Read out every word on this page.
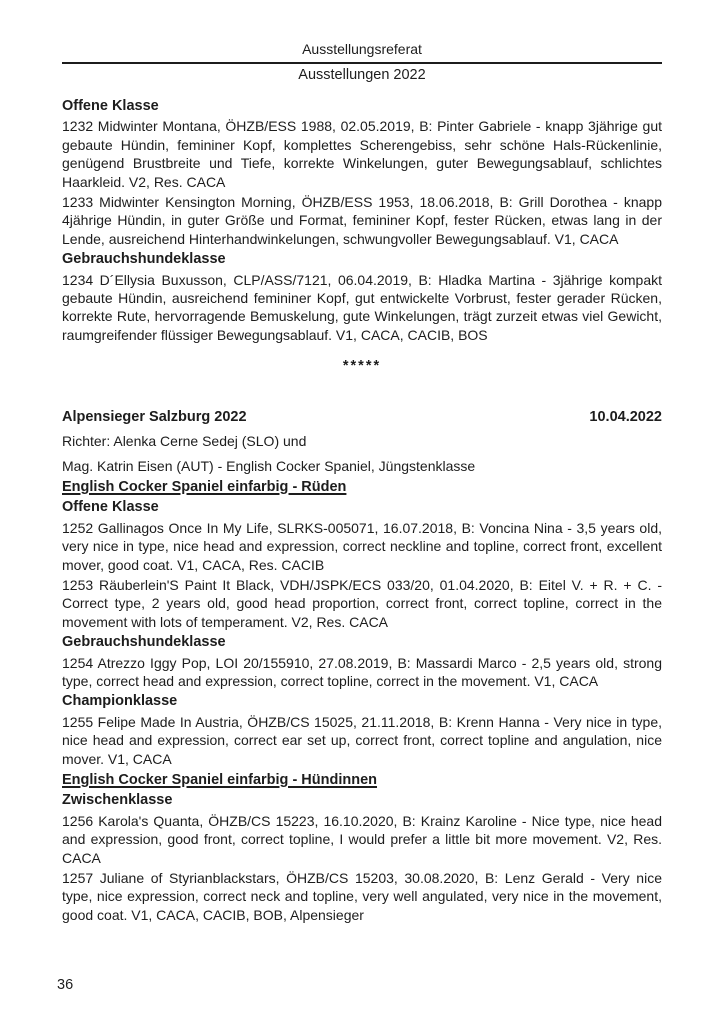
Ausstellungsreferat
Ausstellungen 2022
Offene Klasse
1232 Midwinter Montana, ÖHZB/ESS 1988, 02.05.2019, B: Pinter Gabriele - knapp 3jährige gut gebaute Hündin, femininer Kopf, komplettes Scherengebiss, sehr schöne Hals-Rückenlinie, genügend Brustbreite und Tiefe, korrekte Winkelungen, guter Bewegungsablauf, schlichtes Haarkleid. V2, Res. CACA
1233 Midwinter Kensington Morning, ÖHZB/ESS 1953, 18.06.2018, B: Grill Dorothea - knapp 4jährige Hündin, in guter Größe und Format, femininer Kopf, fester Rücken, etwas lang in der Lende, ausreichend Hinterhandwinkelungen, schwungvoller Bewegungsablauf. V1, CACA
Gebrauchshundeklasse
1234 D´Ellysia Buxusson, CLP/ASS/7121, 06.04.2019, B: Hladka Martina - 3jährige kompakt gebaute Hündin, ausreichend femininer Kopf, gut entwickelte Vorbrust, fester gerader Rücken, korrekte Rute, hervorragende Bemuskelung, gute Winkelungen, trägt zurzeit etwas viel Gewicht, raumgreifender flüssiger Bewegungsablauf. V1, CACA, CACIB, BOS
*****
Alpensieger Salzburg 2022	10.04.2022
Richter: Alenka Cerne Sedej (SLO) und
Mag. Katrin Eisen (AUT) - English Cocker Spaniel, Jüngstenklasse
English Cocker Spaniel einfarbig - Rüden
Offene Klasse
1252 Gallinagos Once In My Life, SLRKS-005071, 16.07.2018, B: Voncina Nina - 3,5 years old, very nice in type, nice head and expression, correct neckline and topline, correct front, excellent mover, good coat. V1, CACA, Res. CACIB
1253 Räuberlein'S Paint It Black, VDH/JSPK/ECS 033/20, 01.04.2020, B: Eitel V. + R. + C. - Correct type, 2 years old, good head proportion, correct front, correct topline, correct in the movement with lots of temperament. V2, Res. CACA
Gebrauchshundeklasse
1254 Atrezzo Iggy Pop, LOI 20/155910, 27.08.2019, B: Massardi Marco - 2,5 years old, strong type, correct head and expression, correct topline, correct in the movement. V1, CACA
Championklasse
1255 Felipe Made In Austria, ÖHZB/CS 15025, 21.11.2018, B: Krenn Hanna - Very nice in type, nice head and expression, correct ear set up, correct front, correct topline and angulation, nice mover. V1, CACA
English Cocker Spaniel einfarbig - Hündinnen
Zwischenklasse
1256 Karola's Quanta, ÖHZB/CS 15223, 16.10.2020, B: Krainz Karoline - Nice type, nice head and expression, good front, correct topline, I would prefer a little bit more movement. V2, Res. CACA
1257 Juliane of Styrianblackstars, ÖHZB/CS 15203, 30.08.2020, B: Lenz Gerald - Very nice type, nice expression, correct neck and topline, very well angulated, very nice in the movement, good coat. V1, CACA, CACIB, BOB, Alpensieger
36
